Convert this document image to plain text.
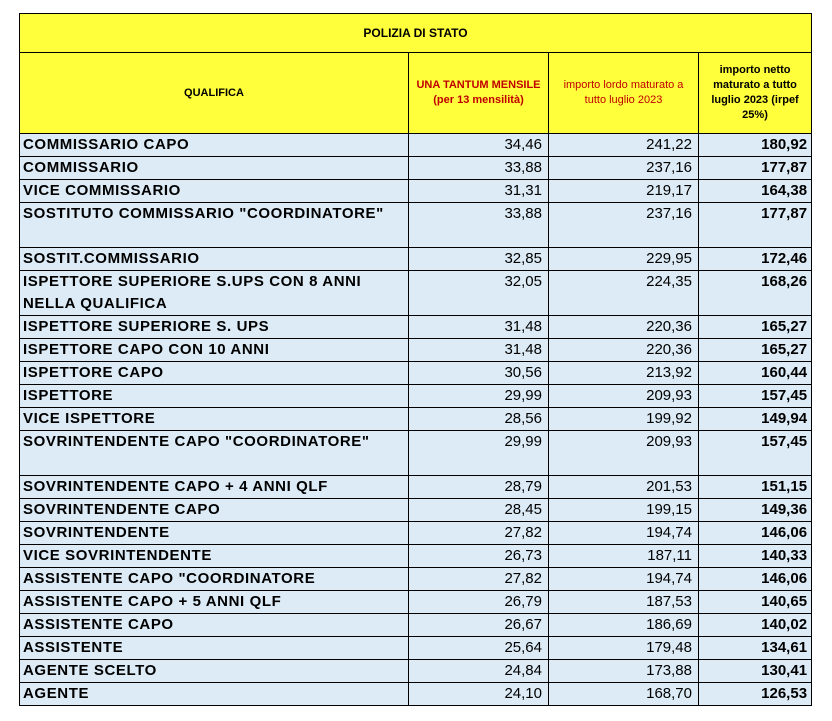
POLIZIA DI STATO			
QUALIFICA	UNA TANTUM MENSILE (per 13 mensilità)	importo lordo maturato a tutto luglio 2023	importo netto maturato a tutto luglio 2023 (irpef 25%)
COMMISSARIO CAPO	34,46	241,22	180,92
COMMISSARIO	33,88	237,16	177,87
VICE COMMISSARIO	31,31	219,17	164,38
SOSTITUTO COMMISSARIO "COORDINATORE"	33,88	237,16	177,87
SOSTIT.COMMISSARIO	32,85	229,95	172,46
ISPETTORE SUPERIORE S.UPS CON 8 ANNI NELLA QUALIFICA	32,05	224,35	168,26
ISPETTORE SUPERIORE S. UPS	31,48	220,36	165,27
ISPETTORE CAPO CON 10 ANNI	31,48	220,36	165,27
ISPETTORE CAPO	30,56	213,92	160,44
ISPETTORE	29,99	209,93	157,45
VICE ISPETTORE	28,56	199,92	149,94
SOVRINTENDENTE CAPO "COORDINATORE"	29,99	209,93	157,45
SOVRINTENDENTE CAPO + 4 ANNI QLF	28,79	201,53	151,15
SOVRINTENDENTE CAPO	28,45	199,15	149,36
SOVRINTENDENTE	27,82	194,74	146,06
VICE SOVRINTENDENTE	26,73	187,11	140,33
ASSISTENTE CAPO "COORDINATORE	27,82	194,74	146,06
ASSISTENTE CAPO + 5 ANNI QLF	26,79	187,53	140,65
ASSISTENTE CAPO	26,67	186,69	140,02
ASSISTENTE	25,64	179,48	134,61
AGENTE SCELTO	24,84	173,88	130,41
AGENTE	24,10	168,70	126,53
